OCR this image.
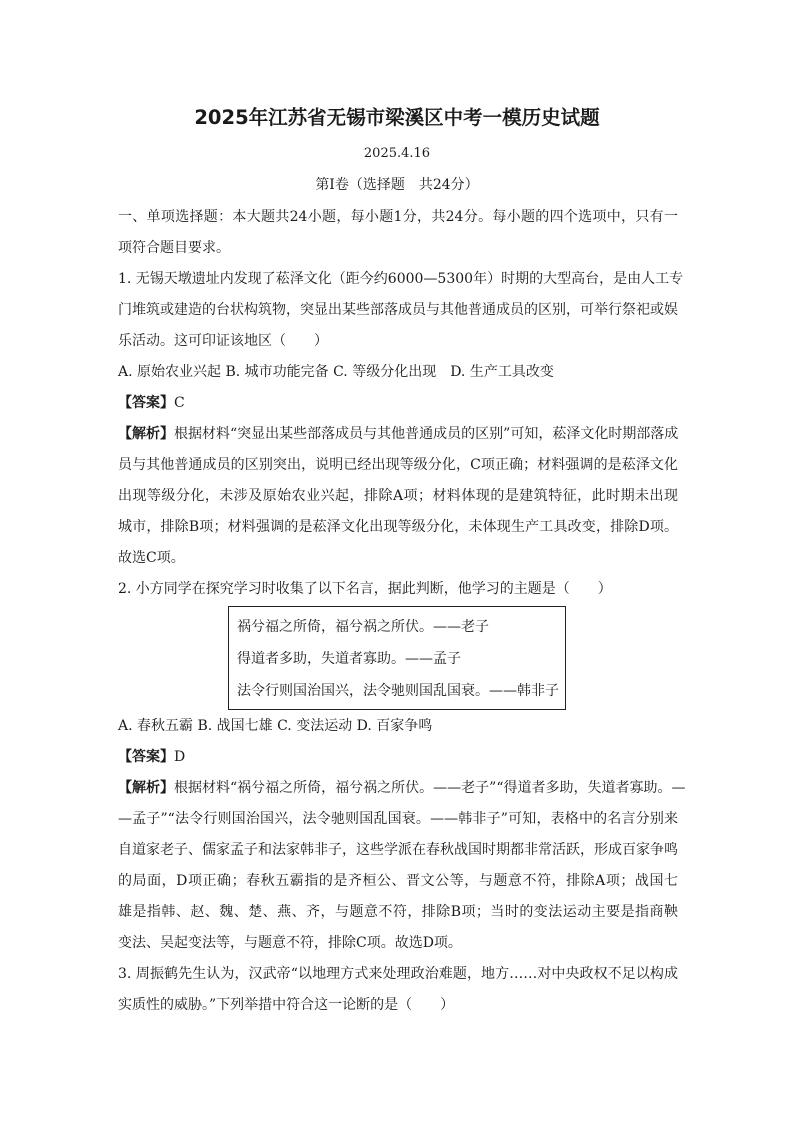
2025年江苏省无锡市梁溪区中考一模历史试题
2025.4.16
第Ⅰ卷（选择题　共24分）
一、单项选择题：本大题共24小题，每小题1分，共24分。每小题的四个选项中，只有一
项符合题目要求。
1. 无锡天墩遗址内发现了菘泽文化（距今约6000—5300年）时期的大型高台，是由人工专
门堆筑或建造的台状构筑物，突显出某些部落成员与其他普通成员的区别，可举行祭祀或娱
乐活动。这可印证该地区（　　）
A. 原始农业兴起 B. 城市功能完备 C. 等级分化出现　D. 生产工具改变
【答案】C
【解析】根据材料“突显出某些部落成员与其他普通成员的区别”可知，菘泽文化时期部落成
员与其他普通成员的区别突出，说明已经出现等级分化，C项正确；材料强调的是菘泽文化
出现等级分化，未涉及原始农业兴起，排除A项；材料体现的是建筑特征，此时期未出现
城市，排除B项；材料强调的是菘泽文化出现等级分化，未体现生产工具改变，排除D项。
故选C项。
2. 小方同学在探究学习时收集了以下名言，据此判断，他学习的主题是（　　）
祸兮福之所倚，福兮祸之所伏。——老子
得道者多助，失道者寡助。——孟子
法令行则国治国兴，法令驰则国乱国衰。——韩非子
A. 春秋五霸 B. 战国七雄 C. 变法运动 D. 百家争鸣
【答案】D
【解析】根据材料“祸兮福之所倚，福兮祸之所伏。——老子”“得道者多助，失道者寡助。—
—孟子”“法令行则国治国兴，法令驰则国乱国衰。——韩非子”可知，表格中的名言分别来
自道家老子、儒家孟子和法家韩非子，这些学派在春秋战国时期都非常活跃，形成百家争鸣
的局面，D项正确；春秋五霸指的是齐桓公、晋文公等，与题意不符，排除A项；战国七
雄是指韩、赵、魏、楚、燕、齐，与题意不符，排除B项；当时的变法运动主要是指商鞅
变法、吴起变法等，与题意不符，排除C项。故选D项。
3. 周振鹤先生认为，汉武帝“以地理方式来处理政治难题，地方……对中央政权不足以构成
实质性的威胁。”下列举措中符合这一论断的是（　　）
